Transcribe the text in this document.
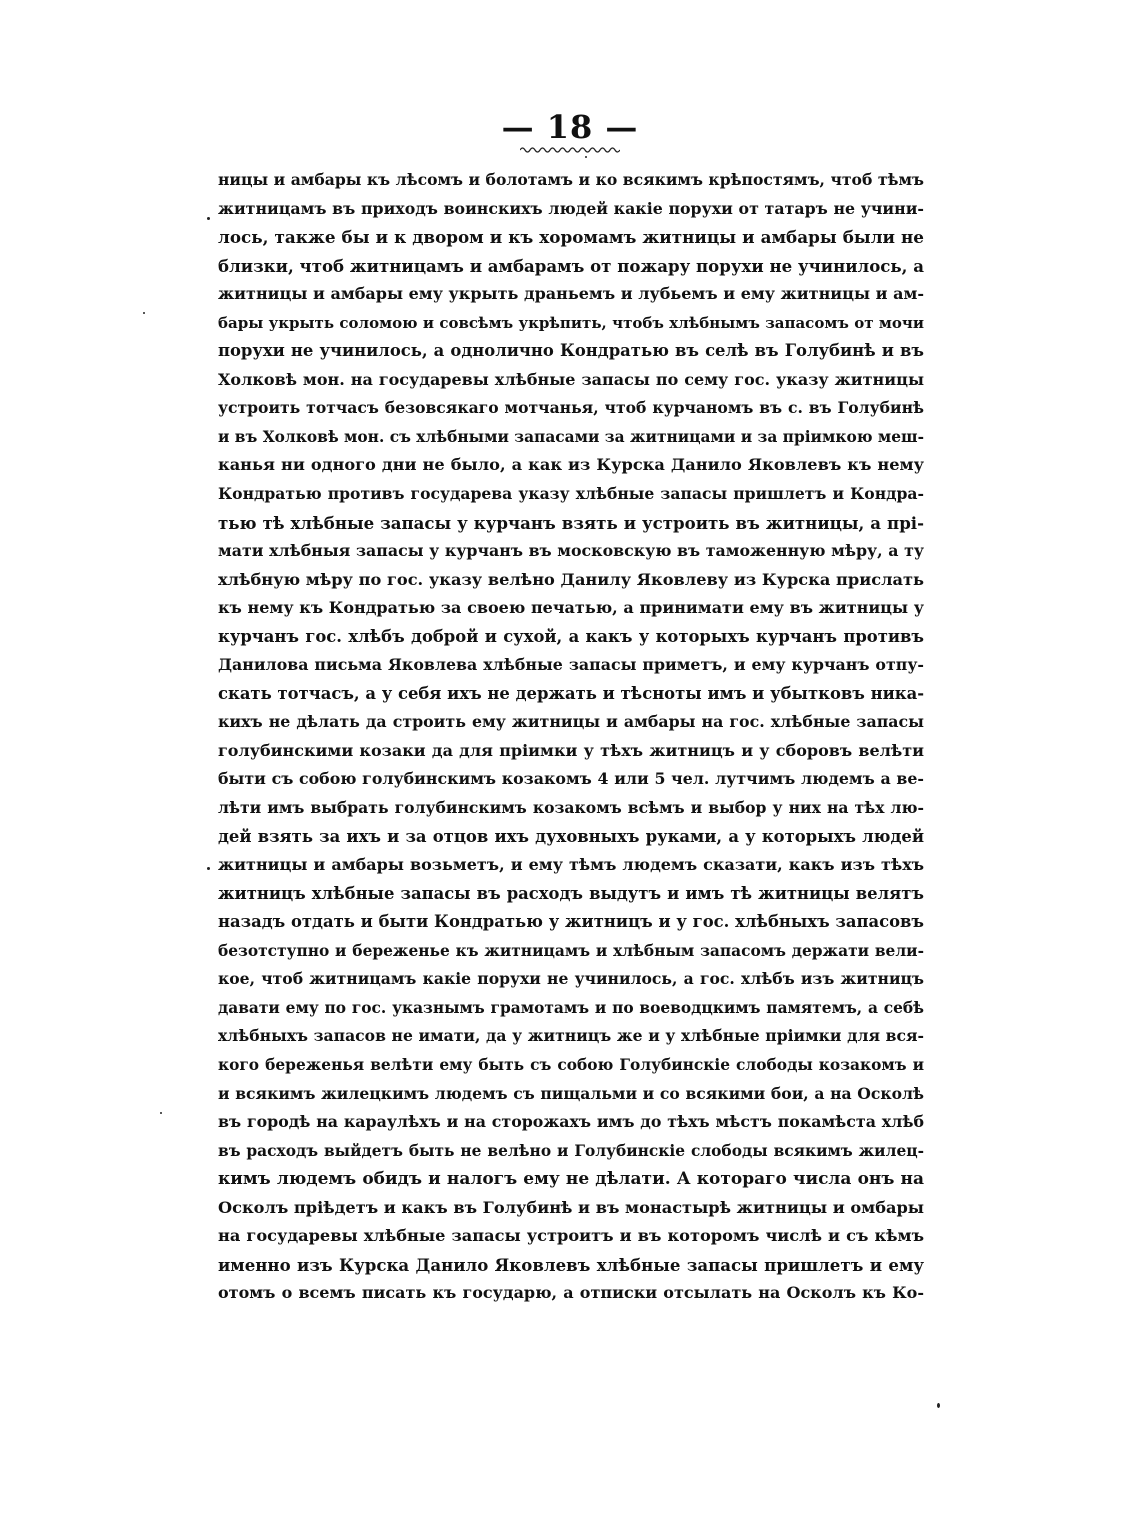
— 18 —
ницы и амбары къ лѣсомъ и болотамъ и ко всякимъ крѣпостямъ, чтоб тѣмъ
житницамъ въ приходъ воинскихъ людей какіе порухи от татаръ не учини-
лось, также бы и к двором и къ хоромамъ житницы и амбары были не
близки, чтоб житницамъ и амбарамъ от пожару порухи не учинилось, а
житницы и амбары ему укрыть драньемъ и лубьемъ и ему житницы и ам-
бары укрыть соломою и совсѣмъ укрѣпить, чтобъ хлѣбнымъ запасомъ от мочи
порухи не учинилось, а однолично Кондратью въ селѣ въ Голубинѣ и въ
Холковѣ мон. на государевы хлѣбные запасы по сему гос. указу житницы
устроить тотчасъ безовсякаго мотчанья, чтоб курчаномъ въ с. въ Голубинѣ
и въ Холковѣ мон. съ хлѣбными запасами за житницами и за пріимкою меш-
канья ни одного дни не было, а как из Курска Данило Яковлевъ къ нему
Кондратью противъ государева указу хлѣбные запасы пришлетъ и Кондра-
тью тѣ хлѣбные запасы у курчанъ взять и устроить въ житницы, а прі-
мати хлѣбныя запасы у курчанъ въ московскую въ таможенную мѣру, а ту
хлѣбную мѣру по гос. указу велѣно Данилу Яковлеву из Курска прислать
къ нему къ Кондратью за своею печатью, а принимати ему въ житницы у
курчанъ гос. хлѣбъ доброй и сухой, а какъ у которыхъ курчанъ противъ
Данилова письма Яковлева хлѣбные запасы приметъ, и ему курчанъ отпу-
скать тотчасъ, а у себя ихъ не держать и тѣсноты имъ и убытковъ ника-
кихъ не дѣлать да строить ему житницы и амбары на гос. хлѣбные запасы
голубинскими козаки да для пріимки у тѣхъ житницъ и у сборовъ велѣти
быти съ собою голубинскимъ козакомъ 4 или 5 чел. лутчимъ людемъ а ве-
лѣти имъ выбрать голубинскимъ козакомъ всѣмъ и выбор у них на тѣх лю-
дей взять за ихъ и за отцов ихъ духовныхъ руками, а у которыхъ людей
житницы и амбары возьметъ, и ему тѣмъ людемъ сказати, какъ изъ тѣхъ
житницъ хлѣбные запасы въ расходъ выдутъ и имъ тѣ житницы велятъ
назадъ отдать и быти Кондратью у житницъ и у гос. хлѣбныхъ запасовъ
безотступно и береженье къ житницамъ и хлѣбным запасомъ держати вели-
кое, чтоб житницамъ какіе порухи не учинилось, а гос. хлѣбъ изъ житницъ
давати ему по гос. указнымъ грамотамъ и по воеводцкимъ памятемъ, а себѣ
хлѣбныхъ запасов не имати, да у житницъ же и у хлѣбные пріимки для вся-
кого береженья велѣти ему быть съ собою Голубинскіе слободы козакомъ и
и всякимъ жилецкимъ людемъ съ пищальми и со всякими бои, а на Осколѣ
въ городѣ на караулѣхъ и на сторожахъ имъ до тѣхъ мѣстъ покамѣста хлѣб
въ расходъ выйдетъ быть не велѣно и Голубинскіе слободы всякимъ жилец-
кимъ людемъ обидъ и налогъ ему не дѣлати. А котораго числа онъ на
Осколъ пріѣдетъ и какъ въ Голубинѣ и въ монастырѣ житницы и омбары
на государевы хлѣбные запасы устроитъ и въ которомъ числѣ и съ кѣмъ
именно изъ Курска Данило Яковлевъ хлѣбные запасы пришлетъ и ему
отомъ о всемъ писать къ государю, а отписки отсылать на Осколъ къ Ко-
